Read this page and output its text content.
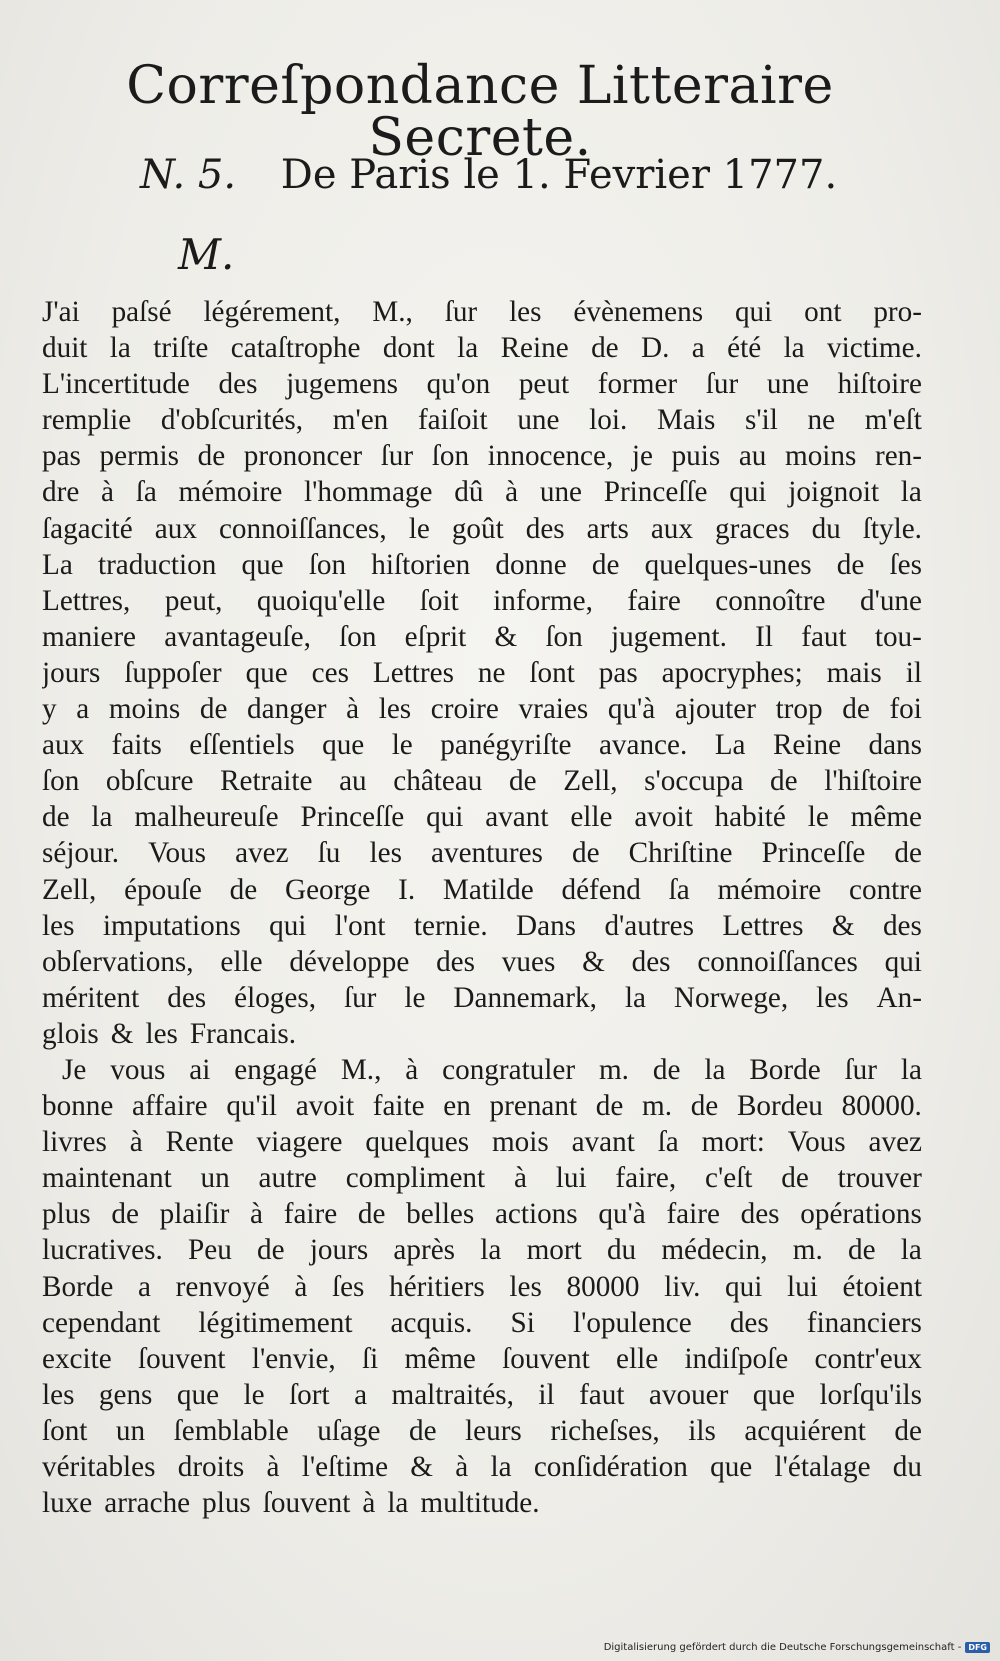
Correſpondance Litteraire Secrete.
N. 5. De Paris le 1. Fevrier 1777.
M.
J'ai paſsé légérement, M., ſur les évènemens qui ont pro-
duit la triſte cataſtrophe dont la Reine de D. a été la victime.
L'incertitude des jugemens qu'on peut former ſur une hiſtoire
remplie d'obſcurités, m'en faiſoit une loi. Mais s'il ne m'eſt
pas permis de prononcer ſur ſon innocence, je puis au moins ren-
dre à ſa mémoire l'hommage dû à une Princeſſe qui joignoit la
ſagacité aux connoiſſances, le goût des arts aux graces du ſtyle.
La traduction que ſon hiſtorien donne de quelques-unes de ſes
Lettres, peut, quoiqu'elle ſoit informe, faire connoître d'une
maniere avantageuſe, ſon eſprit & ſon jugement. Il faut tou-
jours ſuppoſer que ces Lettres ne ſont pas apocryphes; mais il
y a moins de danger à les croire vraies qu'à ajouter trop de foi
aux faits eſſentiels que le panégyriſte avance. La Reine dans
ſon obſcure Retraite au château de Zell, s'occupa de l'hiſtoire
de la malheureuſe Princeſſe qui avant elle avoit habité le même
séjour. Vous avez ſu les aventures de Chriſtine Princeſſe de
Zell, épouſe de George I. Matilde défend ſa mémoire contre
les imputations qui l'ont ternie. Dans d'autres Lettres & des
obſervations, elle développe des vues & des connoiſſances qui
méritent des éloges, ſur le Dannemark, la Norwege, les An-
glois & les Francais.
Je vous ai engagé M., à congratuler m. de la Borde ſur la
bonne affaire qu'il avoit faite en prenant de m. de Bordeu 80000.
livres à Rente viagere quelques mois avant ſa mort: Vous avez
maintenant un autre compliment à lui faire, c'eſt de trouver
plus de plaiſir à faire de belles actions qu'à faire des opérations
lucratives. Peu de jours après la mort du médecin, m. de la
Borde a renvoyé à ſes héritiers les 80000 liv. qui lui étoient
cependant légitimement acquis. Si l'opulence des financiers
excite ſouvent l'envie, ſi même ſouvent elle indiſpoſe contr'eux
les gens que le ſort a maltraités, il faut avouer que lorſqu'ils
ſont un ſemblable uſage de leurs richeſses, ils acquiérent de
véritables droits à l'eſtime & à la conſidération que l'étalage du
luxe arrache plus ſouvent à la multitude.
Digitalisierung gefördert durch die Deutsche Forschungsgemeinschaft - DFG
